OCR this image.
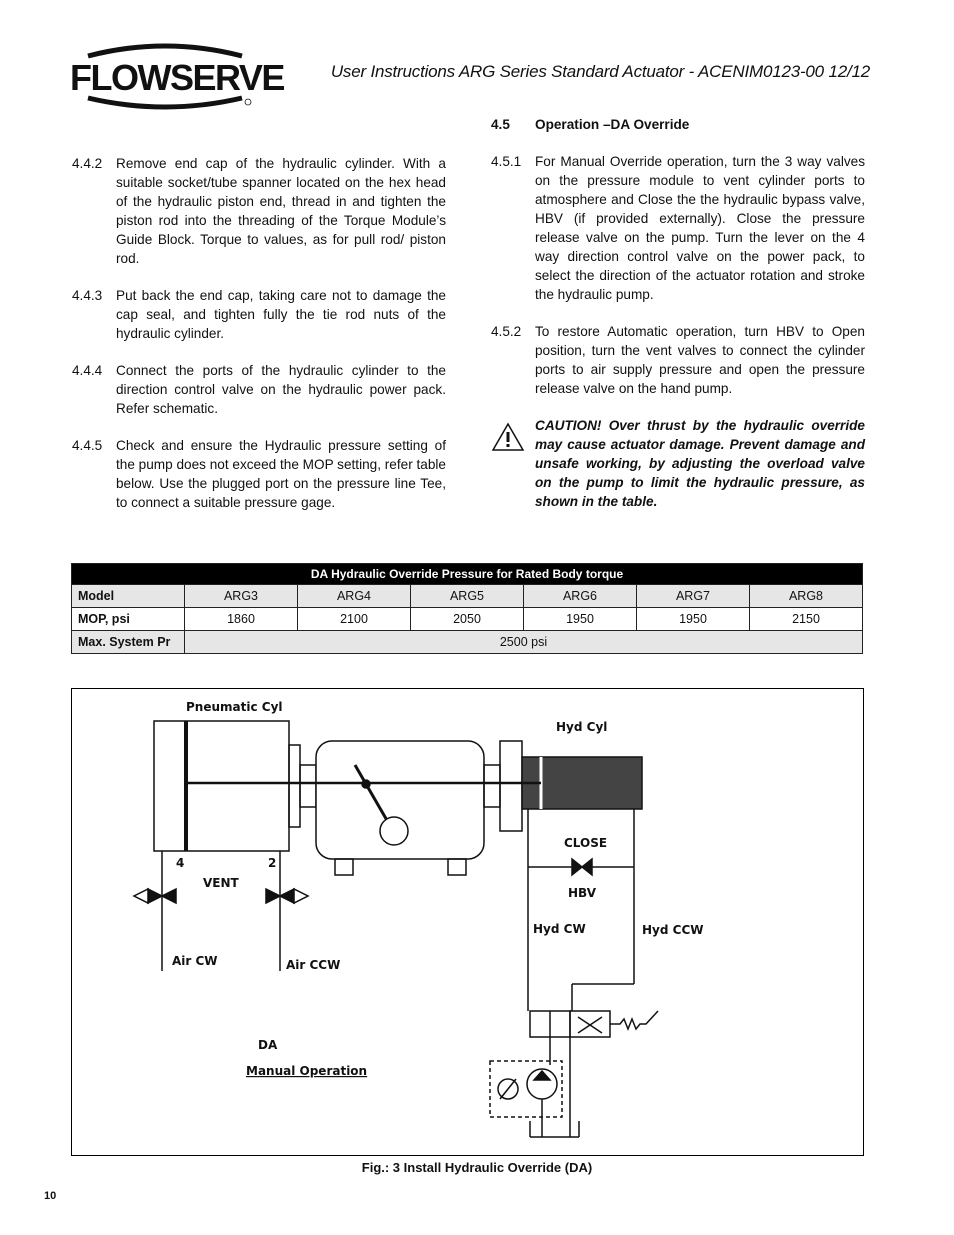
FLOWSERVE	User Instructions ARG Series Standard Actuator - ACENIM0123-00 12/12
4.4.2	Remove end cap of the hydraulic cylinder. With a suitable socket/tube spanner located on the hex head of the hydraulic piston end, thread in and tighten the piston rod into the threading of the Torque Module’s Guide Block. Torque to values, as for pull rod/ piston rod.
4.4.3	Put back the end cap, taking care not to damage the cap seal, and tighten fully the tie rod nuts of the hydraulic cylinder.
4.4.4	Connect the ports of the hydraulic cylinder to the direction control valve on the hydraulic power pack. Refer schematic.
4.4.5	Check and ensure the Hydraulic pressure setting of the pump does not exceed the MOP setting, refer table below. Use the plugged port on the pressure line Tee, to connect a suitable pressure gage.
4.5	Operation –DA Override
4.5.1	For Manual Override operation, turn the 3 way valves on the pressure module to vent cylinder ports to atmosphere and Close the the hydraulic bypass valve, HBV (if provided externally). Close the pressure release valve on the pump. Turn the lever on the 4 way direction control valve on the power pack, to select the direction of the actuator rotation and stroke the hydraulic pump.
4.5.2	To restore Automatic operation, turn HBV to Open position, turn the vent valves to connect the cylinder ports to air supply pressure and open the pressure release valve on the hand pump.
CAUTION! Over thrust by the hydraulic override may cause actuator damage. Prevent damage and unsafe working, by adjusting the overload valve on the pump to limit the hydraulic pressure, as shown in the table.
DA Hydraulic Override Pressure for Rated Body torque						
Model	ARG3	ARG4	ARG5	ARG6	ARG7	ARG8
MOP, psi	1860	2100	2050	1950	1950	2150
Max. System Pr	2500 psi					
Pneumatic Cyl
Hyd Cyl
CLOSE
HBV
VENT
4	2
Air CW	Air CCW
Hyd CW	Hyd CCW
DA
Manual Operation
Fig.: 3 Install Hydraulic Override (DA)
10
